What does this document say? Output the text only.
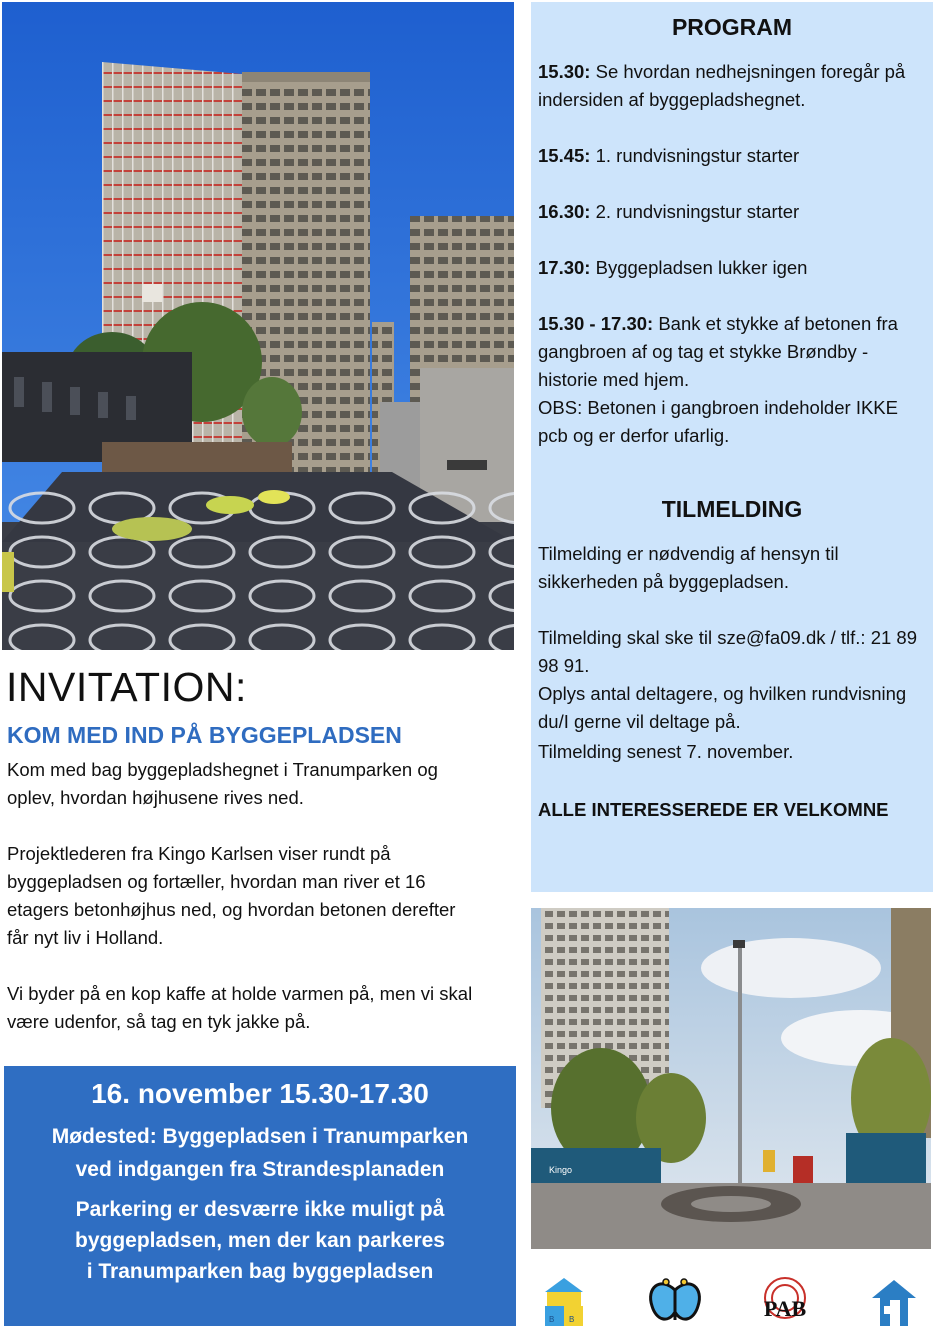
PROGRAM
15.30: Se hvordan nedhejsningen foregår på indersiden af byggepladshegnet.
15.45: 1. rundvisningstur starter
16.30: 2. rundvisningstur starter
17.30: Byggepladsen lukker igen
15.30 - 17.30: Bank et stykke af betonen fra gangbroen af og tag et stykke Brøndby -historie med hjem.
OBS: Betonen i gangbroen indeholder IKKE pcb og er derfor ufarlig.
TILMELDING
Tilmelding er nødvendig af hensyn til sikkerheden på byggepladsen.
Tilmelding skal ske til sze@fa09.dk / tlf.: 21 89 98 91.
Oplys antal deltagere, og hvilken rundvisning du/I gerne vil deltage på.
Tilmelding senest 7. november.
ALLE INTERESSEREDE ER VELKOMNE
INVITATION:
KOM MED IND PÅ BYGGEPLADSEN

Kom med bag byggepladshegnet i Tranumparken og oplev, hvordan højhusene rives ned.

Projektlederen fra Kingo Karlsen viser rundt på byggepladsen og fortæller, hvordan man river et 16 etagers betonhøjhus ned, og hvordan betonen derefter får nyt liv i Holland.

Vi byder på en kop kaffe at holde varmen på, men vi skal være udenfor, så tag en tyk jakke på.

16. november 15.30-17.30
Mødested: Byggepladsen i Tranumparken
ved indgangen fra Strandesplanaden
Parkering er desværre ikke muligt på
byggepladsen, men der kan parkeres
i Tranumparken bag byggepladsen
Kingo
B B	PAB
